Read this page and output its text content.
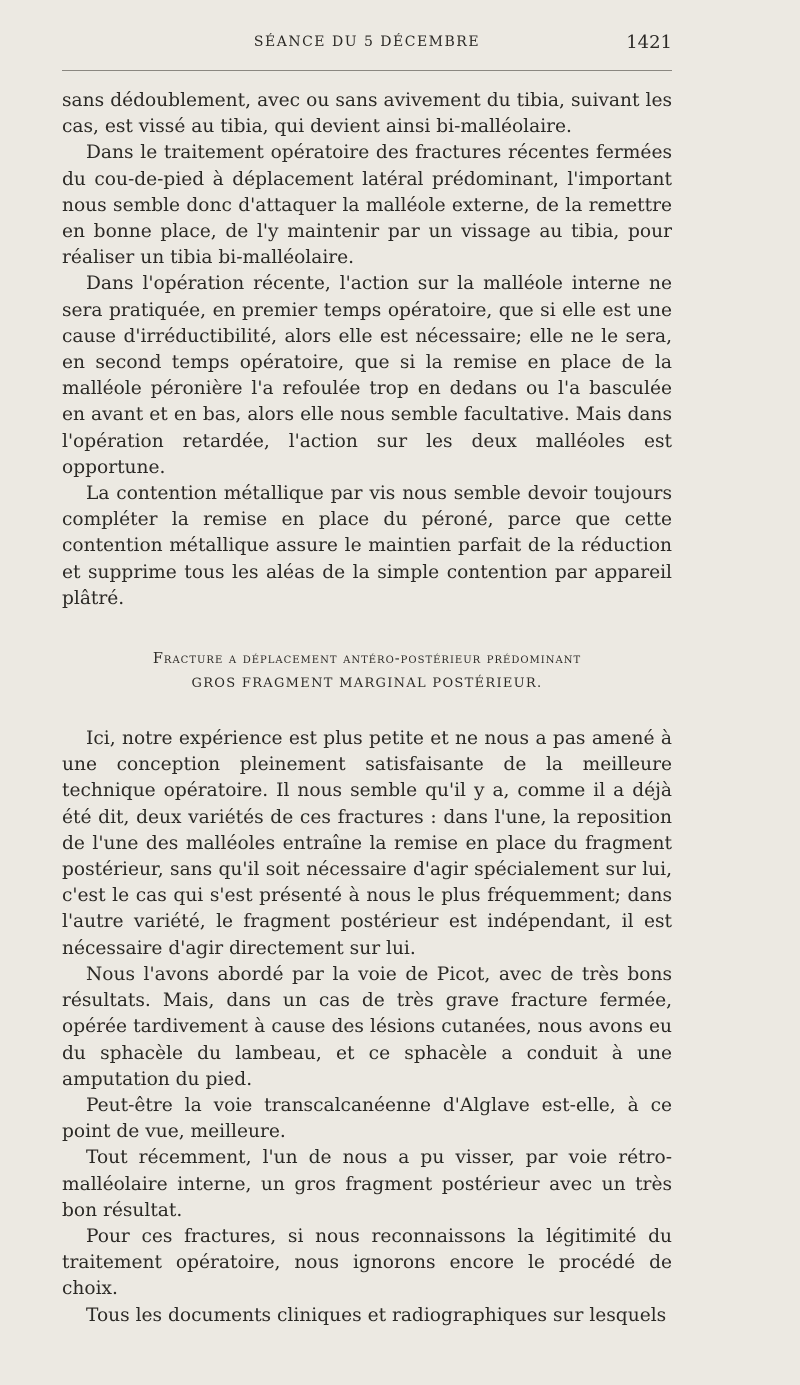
SÉANCE DU 5 DÉCEMBRE	1421

sans dédoublement, avec ou sans avivement du tibia, suivant les cas, est vissé au tibia, qui devient ainsi bi-malléolaire.

Dans le traitement opératoire des fractures récentes fermées du cou-de-pied à déplacement latéral prédominant, l'important nous semble donc d'attaquer la malléole externe, de la remettre en bonne place, de l'y maintenir par un vissage au tibia, pour réaliser un tibia bi-malléolaire.

Dans l'opération récente, l'action sur la malléole interne ne sera pratiquée, en premier temps opératoire, que si elle est une cause d'irréductibilité, alors elle est nécessaire; elle ne le sera, en second temps opératoire, que si la remise en place de la malléole péronière l'a refoulée trop en dedans ou l'a basculée en avant et en bas, alors elle nous semble facultative. Mais dans l'opération retardée, l'action sur les deux malléoles est opportune.

La contention métallique par vis nous semble devoir toujours compléter la remise en place du péroné, parce que cette contention métallique assure le maintien parfait de la réduction et supprime tous les aléas de la simple contention par appareil plâtré.

Fracture a déplacement antéro-postérieur prédominant
GROS FRAGMENT MARGINAL POSTÉRIEUR.

Ici, notre expérience est plus petite et ne nous a pas amené à une conception pleinement satisfaisante de la meilleure technique opératoire. Il nous semble qu'il y a, comme il a déjà été dit, deux variétés de ces fractures : dans l'une, la reposition de l'une des malléoles entraîne la remise en place du fragment postérieur, sans qu'il soit nécessaire d'agir spécialement sur lui, c'est le cas qui s'est présenté à nous le plus fréquemment; dans l'autre variété, le fragment postérieur est indépendant, il est nécessaire d'agir directement sur lui.

Nous l'avons abordé par la voie de Picot, avec de très bons résultats. Mais, dans un cas de très grave fracture fermée, opérée tardivement à cause des lésions cutanées, nous avons eu du sphacèle du lambeau, et ce sphacèle a conduit à une amputation du pied.

Peut-être la voie transcalcanéenne d'Alglave est-elle, à ce point de vue, meilleure.

Tout récemment, l'un de nous a pu visser, par voie rétro-malléolaire interne, un gros fragment postérieur avec un très bon résultat.

Pour ces fractures, si nous reconnaissons la légitimité du traitement opératoire, nous ignorons encore le procédé de choix.

Tous les documents cliniques et radiographiques sur lesquels
